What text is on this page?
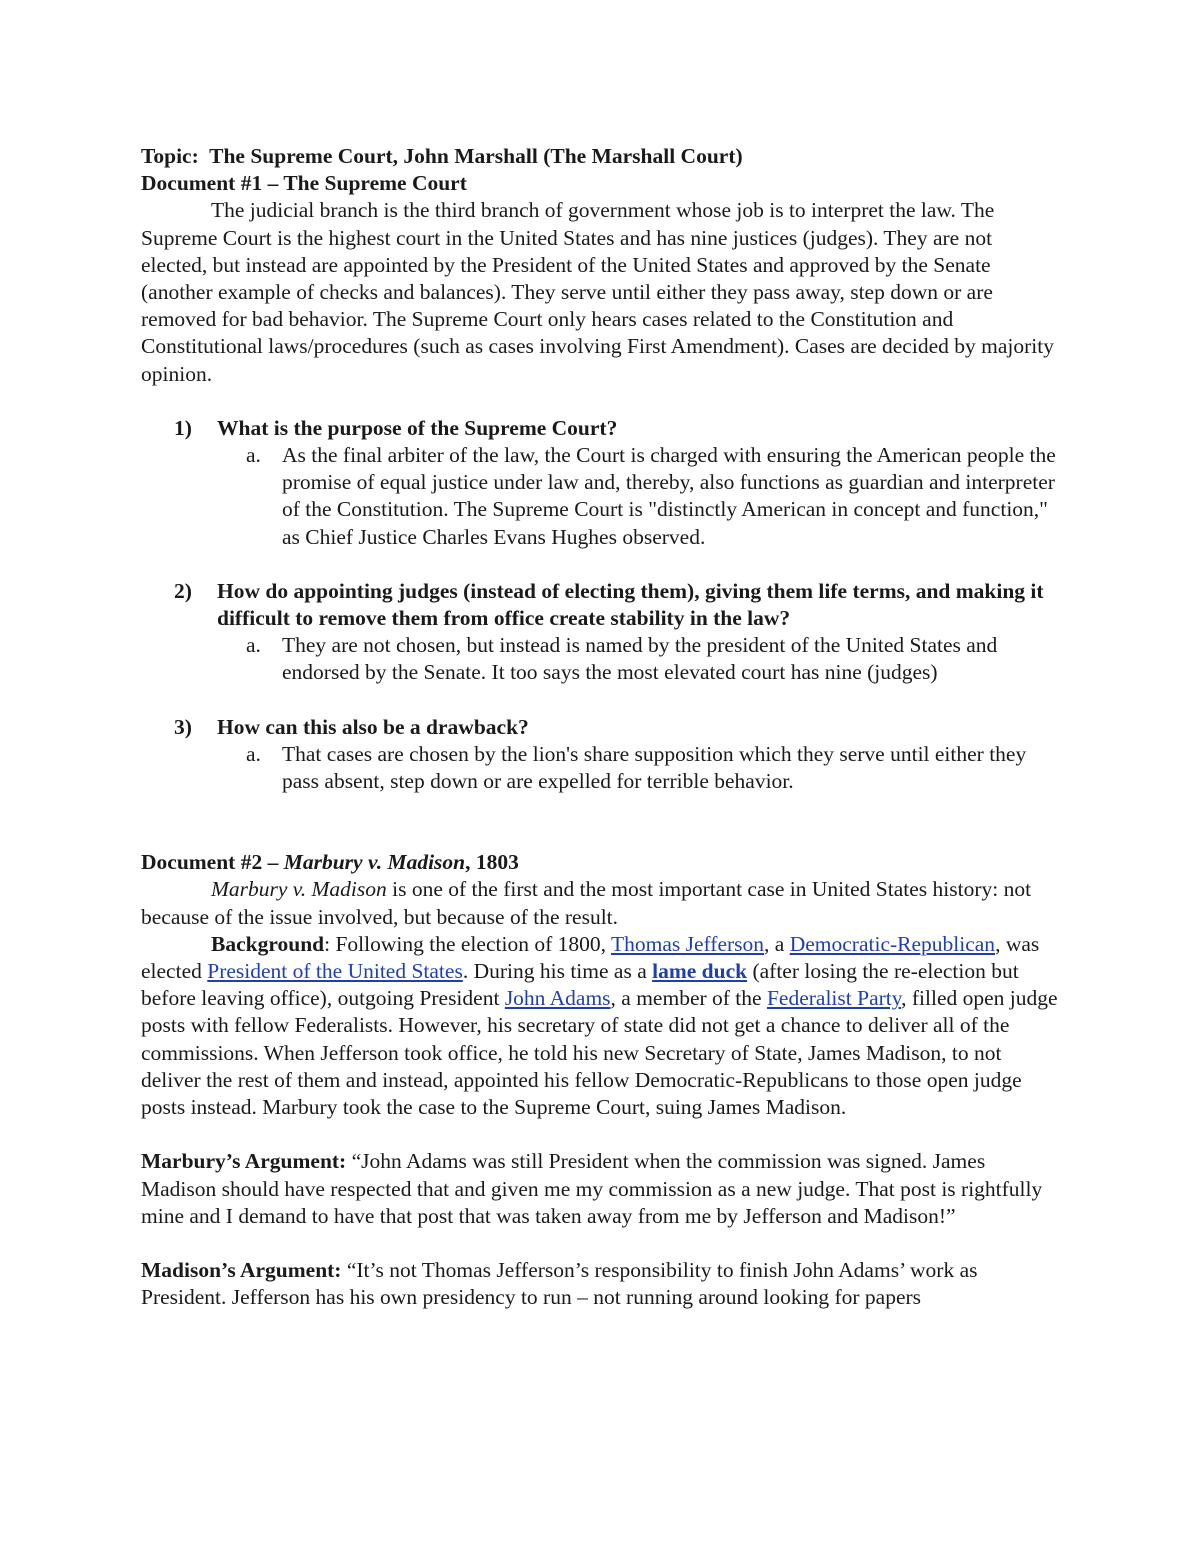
Topic: The Supreme Court, John Marshall (The Marshall Court)

Document #1 – The Supreme Court

The judicial branch is the third branch of government whose job is to interpret the law. The Supreme Court is the highest court in the United States and has nine justices (judges). They are not elected, but instead are appointed by the President of the United States and approved by the Senate (another example of checks and balances). They serve until either they pass away, step down or are removed for bad behavior. The Supreme Court only hears cases related to the Constitution and Constitutional laws/procedures (such as cases involving First Amendment). Cases are decided by majority opinion.

1)	What is the purpose of the Supreme Court?
a. As the final arbiter of the law, the Court is charged with ensuring the American people the promise of equal justice under law and, thereby, also functions as guardian and interpreter of the Constitution. The Supreme Court is "distinctly American in concept and function," as Chief Justice Charles Evans Hughes observed.
2)	How do appointing judges (instead of electing them), giving them life terms, and making it difficult to remove them from office create stability in the law?
a. They are not chosen, but instead is named by the president of the United States and endorsed by the Senate. It too says the most elevated court has nine (judges)
3)	How can this also be a drawback?
a. That cases are chosen by the lion's share supposition which they serve until either they pass absent, step down or are expelled for terrible behavior.

Document #2 – Marbury v. Madison, 1803

Marbury v. Madison is one of the first and the most important case in United States history: not because of the issue involved, but because of the result.

Background: Following the election of 1800, Thomas Jefferson, a Democratic-Republican, was elected President of the United States. During his time as a lame duck (after losing the re-election but before leaving office), outgoing President John Adams, a member of the Federalist Party, filled open judge posts with fellow Federalists. However, his secretary of state did not get a chance to deliver all of the commissions. When Jefferson took office, he told his new Secretary of State, James Madison, to not deliver the rest of them and instead, appointed his fellow Democratic-Republicans to those open judge posts instead. Marbury took the case to the Supreme Court, suing James Madison.

Marbury’s Argument: “John Adams was still President when the commission was signed. James Madison should have respected that and given me my commission as a new judge. That post is rightfully mine and I demand to have that post that was taken away from me by Jefferson and Madison!”

Madison’s Argument: “It’s not Thomas Jefferson’s responsibility to finish John Adams’ work as President. Jefferson has his own presidency to run – not running around looking for papers
